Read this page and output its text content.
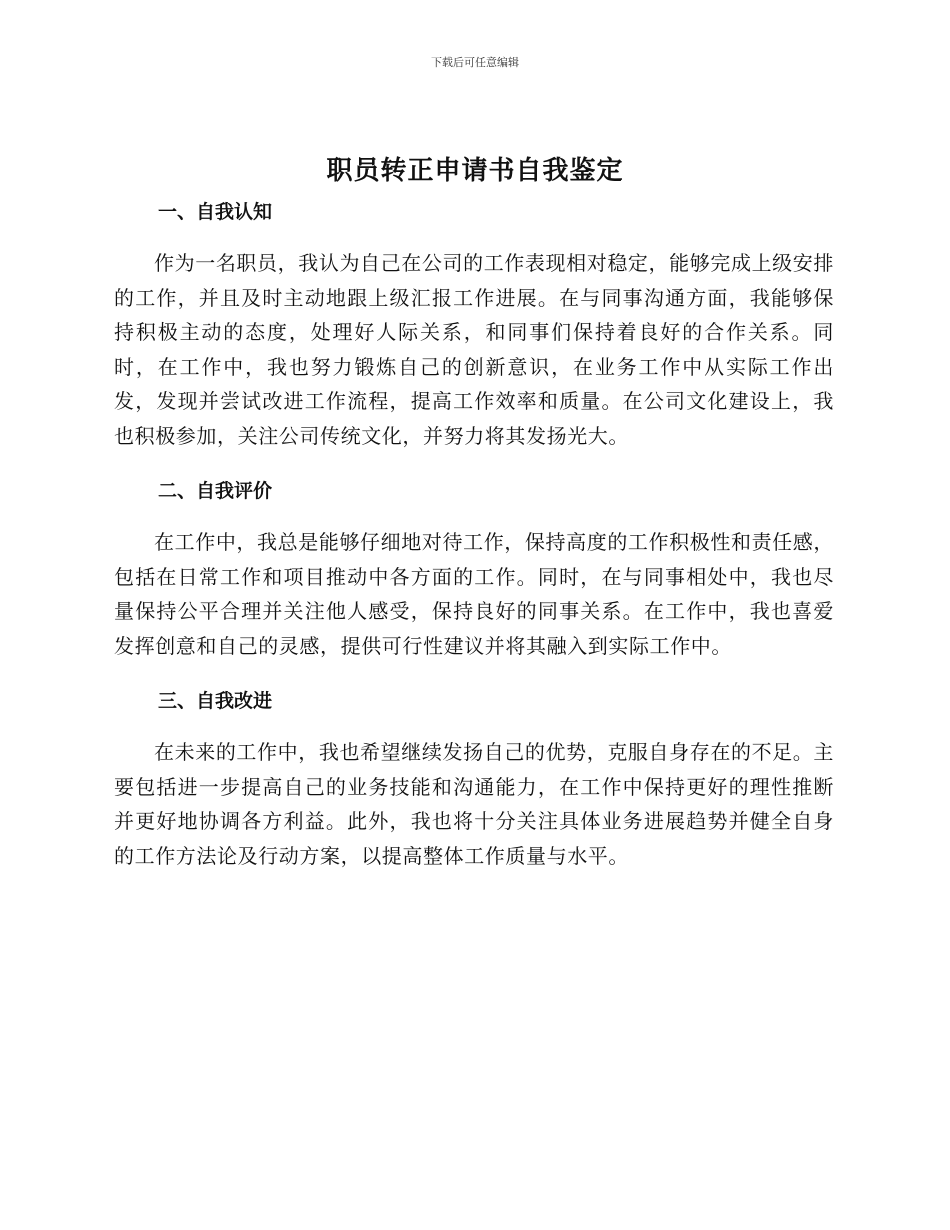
下载后可任意编辑
职员转正申请书自我鉴定
一、自我认知

作为一名职员，我认为自己在公司的工作表现相对稳定，能够完成上级安排的工作，并且及时主动地跟上级汇报工作进展。在与同事沟通方面，我能够保持积极主动的态度，处理好人际关系，和同事们保持着良好的合作关系。同时，在工作中，我也努力锻炼自己的创新意识，在业务工作中从实际工作出发，发现并尝试改进工作流程，提高工作效率和质量。在公司文化建设上，我也积极参加，关注公司传统文化，并努力将其发扬光大。

二、自我评价

在工作中，我总是能够仔细地对待工作，保持高度的工作积极性和责任感，包括在日常工作和项目推动中各方面的工作。同时，在与同事相处中，我也尽量保持公平合理并关注他人感受，保持良好的同事关系。在工作中，我也喜爱发挥创意和自己的灵感，提供可行性建议并将其融入到实际工作中。

三、自我改进

在未来的工作中，我也希望继续发扬自己的优势，克服自身存在的不足。主要包括进一步提高自己的业务技能和沟通能力，在工作中保持更好的理性推断并更好地协调各方利益。此外，我也将十分关注具体业务进展趋势并健全自身的工作方法论及行动方案，以提高整体工作质量与水平。
